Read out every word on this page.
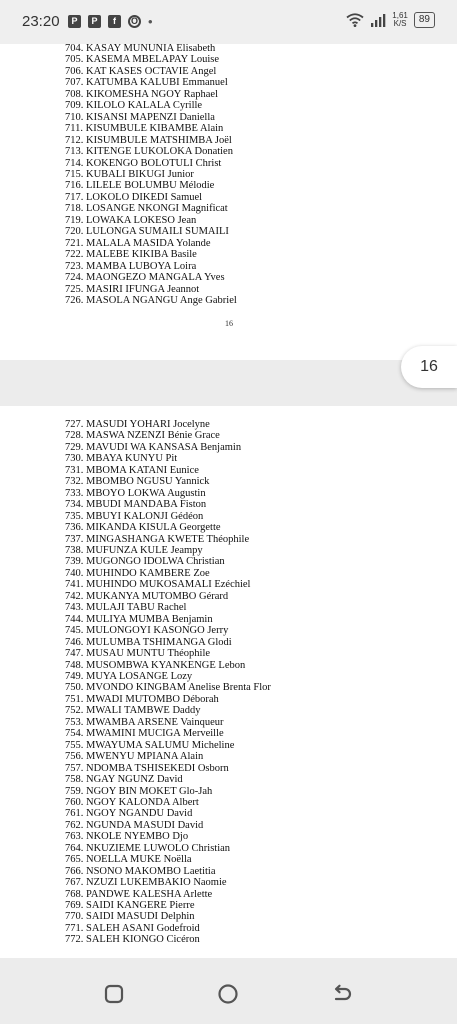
23:20	P	P	f	O •	1,61
K/S	89
704. KASAY MUNUNIA Elisabeth
705. KASEMA MBELAPAY Louise
706. KAT KASES OCTAVIE Angel
707. KATUMBA KALUBI Emmanuel
708. KIKOMESHA NGOY Raphael
709. KILOLO KALALA Cyrille
710. KISANSI MAPENZI Daniella
711. KISUMBULE KIBAMBE Alain
712. KISUMBULE MATSHIMBA Joël
713. KITENGE LUKOLOKA Donatien
714. KOKENGO BOLOTULI Christ
715. KUBALI BIKUGI Junior
716. LILELE BOLUMBU Mélodie
717. LOKOLO DIKEDI Samuel
718. LOSANGE NKONGI Magnificat
719. LOWAKA LOKESO Jean
720. LULONGA SUMAILI SUMAILI
721. MALALA MASIDA Yolande
722. MALEBE KIKIBA Basile
723. MAMBA LUBOYA Loira
724. MAONGEZO MANGALA Yves
725. MASIRI IFUNGA Jeannot
726. MASOLA NGANGU Ange Gabriel
16
16
727. MASUDI YOHARI Jocelyne
728. MASWA NZENZI Bénie Grace
729. MAVUDI WA KANSASA Benjamin
730. MBAYA KUNYU Pit
731. MBOMA KATANI Eunice
732. MBOMBO NGUSU Yannick
733. MBOYO LOKWA Augustin
734. MBUDI MANDABA Fiston
735. MBUYI KALONJI Gédéon
736. MIKANDA KISULA Georgette
737. MINGASHANGA KWETE Théophile
738. MUFUNZA KULE Jeampy
739. MUGONGO IDOLWA Christian
740. MUHINDO KAMBERE Zoe
741. MUHINDO MUKOSAMALI Ezéchiel
742. MUKANYA MUTOMBO Gérard
743. MULAJI TABU Rachel
744. MULIYA MUMBA Benjamin
745. MULONGOYI KASONGO Jerry
746. MULUMBA TSHIMANGA Glodi
747. MUSAU MUNTU Théophile
748. MUSOMBWA KYANKENGE Lebon
749. MUYA LOSANGE Lozy
750. MVONDO KINGBAM Anelise Brenta Flor
751. MWADI MUTOMBO Déborah
752. MWALI TAMBWE Daddy
753. MWAMBA ARSENE Vainqueur
754. MWAMINI MUCIGA Merveille
755. MWAYUMA SALUMU Micheline
756. MWENYU MPIANA Alain
757. NDOMBA TSHISEKEDI Osborn
758. NGAY NGUNZ David
759. NGOY BIN MOKET Glo-Jah
760. NGOY KALONDA Albert
761. NGOY NGANDU David
762. NGUNDA MASUDI David
763. NKOLE NYEMBO Djo
764. NKUZIEME LUWOLO Christian
765. NOELLA MUKE Noëlla
766. NSONO MAKOMBO Laetitia
767. NZUZI LUKEMBAKIO Naomie
768. PANDWE KALESHA Arlette
769. SAIDI KANGERE Pierre
770. SAIDI MASUDI Delphin
771. SALEH ASANI Godefroid
772. SALEH KIONGO Cicéron
